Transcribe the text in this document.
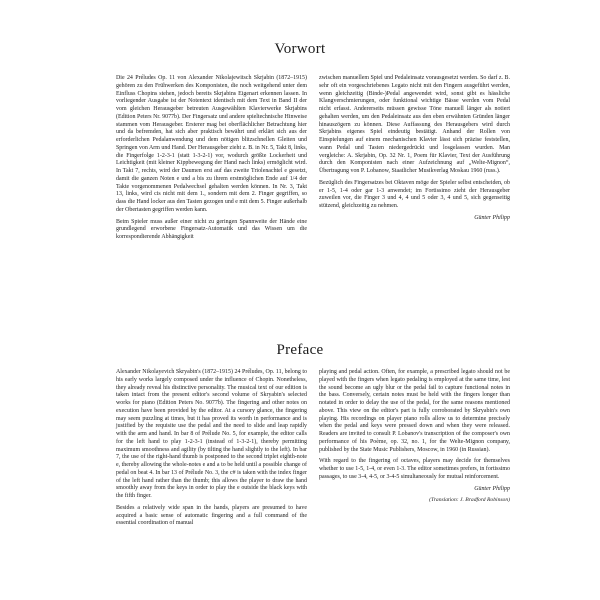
Vorwort

Die 24 Préludes Op. 11 von Alexander Nikolajewitsch Skrjabin (1872–1915) gehören zu den Frühwerken des Komponisten, die noch weitgehend unter dem Einfluss Chopins stehen, jedoch bereits Skrjabins Eigenart erkennen lassen. In vorliegender Ausgabe ist der Notentext identisch mit dem Text in Band II der vom gleichen Herausgeber betreuten Ausgewählten Klavierwerke Skrjabins (Edition Peters Nr. 9077b). Der Fingersatz und andere spieltechnische Hinweise stammen vom Herausgeber. Ersterer mag bei oberflächlicher Betrachtung hier und da befremden, hat sich aber praktisch bewährt und erklärt sich aus der erforderlichen Pedalanwendung und dem nötigen blitzschnellen Gleiten und Springen von Arm und Hand. Der Herausgeber zieht z. B. in Nr. 5, Takt 8, links, die Fingerfolge 1-2-3-1 (statt 1-3-2-1) vor, wodurch größte Lockerheit und Leichtigkeit (mit kleiner Kippbewegung der Hand nach links) ermöglicht wird. In Takt 7, rechts, wird der Daumen erst auf das zweite Triolenachtel e gesetzt, damit die ganzen Noten e und a bis zu ihrem erstmöglichen Ende auf 1/4 der Takte vorgenommenen Pedalwechsel gehalten werden können. In Nr. 3, Takt 13, links, wird cis nicht mit dem 1., sondern mit dem 2. Finger gegriffen, so dass die Hand locker aus den Tasten gezogen und e mit dem 5. Finger außerhalb der Obertasten gegriffen werden kann.

Beim Spieler muss außer einer nicht zu geringen Spannweite der Hände eine grundlegend erworbene Fingersatz-Automatik und das Wissen um die korrespondierende Abhängigkeit

zwischen manuellem Spiel und Pedaleinsatz vorausgesetzt werden. So darf z. B. sehr oft ein vorgeschriebenes Legato nicht mit den Fingern ausgeführt werden, wenn gleichzeitig (Binde-)Pedal angewendet wird, sonst gibt es hässliche Klangverschmierungen, oder funktional wichtige Bässe werden vom Pedal nicht erfasst. Andererseits müssen gewisse Töne manuell länger als notiert gehalten werden, um den Pedaleinsatz aus den eben erwähnten Gründen länger hinauszögern zu können. Diese Auffassung des Herausgebers wird durch Skrjabins eigenes Spiel eindeutig bestätigt. Anhand der Rollen von Einspielungen auf einem mechanischen Klavier lässt sich präzise feststellen, wann Pedal und Tasten niedergedrückt und losgelassen wurden. Man vergleiche: A. Skrjabin, Op. 32 Nr. 1, Poem für Klavier, Text der Ausführung durch den Komponisten nach einer Aufzeichnung auf „Welte-Mignon“, Übertragung von P. Lobanow, Staatlicher Musikverlag Moskau 1960 (russ.).

Bezüglich des Fingersatzes bei Oktaven möge der Spieler selbst entscheiden, ob er 1-5, 1-4 oder gar 1-3 anwendet; im Fortissimo zieht der Herausgeber zuweilen vor, die Finger 3 und 4, 4 und 5 oder 3, 4 und 5, sich gegenseitig stützend, gleichzeitig zu nehmen.

Günter Philipp

Preface

Alexander Nikolayevich Skryabin's (1872–1915) 24 Préludes, Op. 11, belong to his early works largely composed under the influence of Chopin. Nonetheless, they already reveal his distinctive personality. The musical text of our edition is taken intact from the present editor's second volume of Skryabin's selected works for piano (Edition Peters No. 9077b). The fingering and other notes on execution have been provided by the editor. At a cursory glance, the fingering may seem puzzling at times, but it has proved its worth in performance and is justified by the requisite use the pedal and the need to slide and leap rapidly with the arm and hand. In bar 8 of Prélude No. 5, for example, the editor calls for the left hand to play 1-2-3-1 (instead of 1-3-2-1), thereby permitting maximum smoothness and agility (by tilting the hand slightly to the left). In bar 7, the use of the right-hand thumb is postponed to the second triplet eighth-note e, thereby allowing the whole-notes e and a to be held until a possible change of pedal on beat 4. In bar 13 of Prélude No. 3, the c# is taken with the index finger of the left hand rather than the thumb; this allows the player to draw the hand smoothly away from the keys in order to play the e outside the black keys with the fifth finger.

Besides a relatively wide span in the hands, players are presumed to have acquired a basic sense of automatic fingering and a full command of the essential coordination of manual

playing and pedal action. Often, for example, a prescribed legato should not be played with the fingers when legato pedaling is employed at the same time, lest the sound become an ugly blur or the pedal fail to capture functional notes in the bass. Conversely, certain notes must be held with the fingers longer than notated in order to delay the use of the pedal, for the same reasons mentioned above. This view on the editor's part is fully corroborated by Skryabin's own playing. His recordings on player piano rolls allow us to determine precisely when the pedal and keys were pressed down and when they were released. Readers are invited to consult P. Lobanov's transcription of the composer's own performance of his Poème, op. 32, no. 1, for the Welte-Mignon company, published by the State Music Publishers, Moscow, in 1960 (in Russian).

With regard to the fingering of octaves, players may decide for themselves whether to use 1-5, 1-4, or even 1-3. The editor sometimes prefers, in fortissimo passages, to use 3-4, 4-5, or 3-4-5 simultaneously for mutual reinforcement.

Günter Philipp

(Translation: J. Bradford Robinson)
